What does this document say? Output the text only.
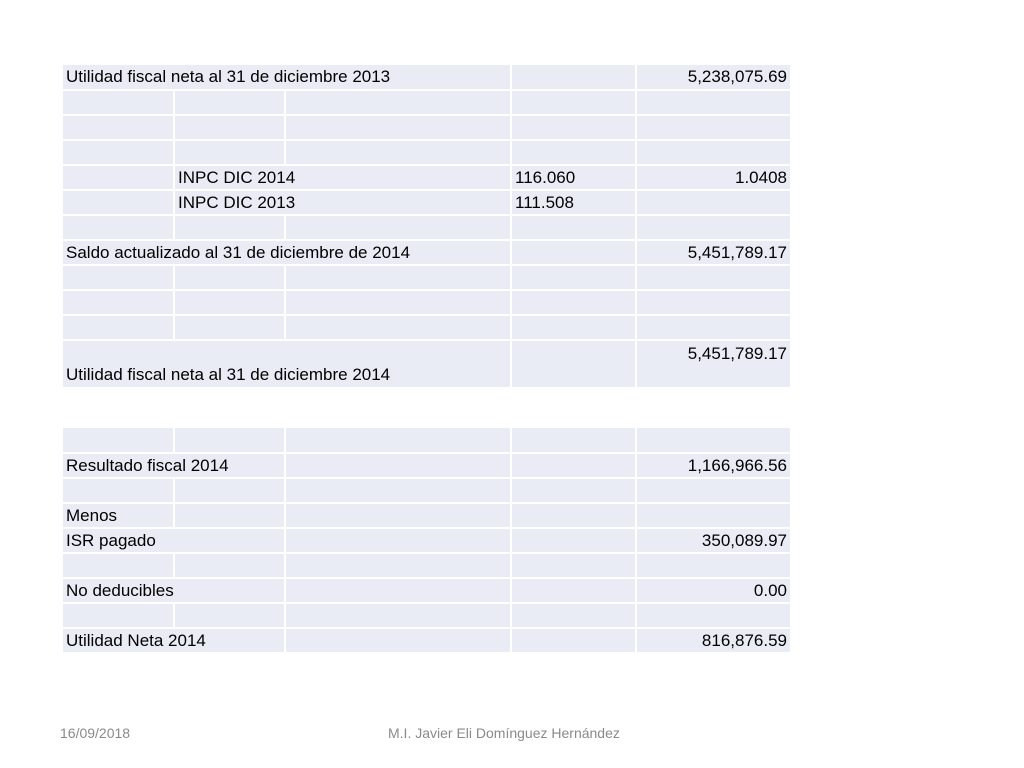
Utilidad fiscal neta al 31 de diciembre 2013				5,238,075.69

	INPC DIC 2014		116.060	1.0408
	INPC DIC 2013		111.508	

Saldo actualizado al 31 de diciembre de 2014				5,451,789.17

Utilidad fiscal neta al 31 de diciembre 2014				5,451,789.17

Resultado fiscal 2014				1,166,966.56

Menos				
ISR pagado				350,089.97

No deducibles				0.00

Utilidad Neta 2014				816,876.59
16/09/2018	M.I. Javier Eli Domínguez Hernández
